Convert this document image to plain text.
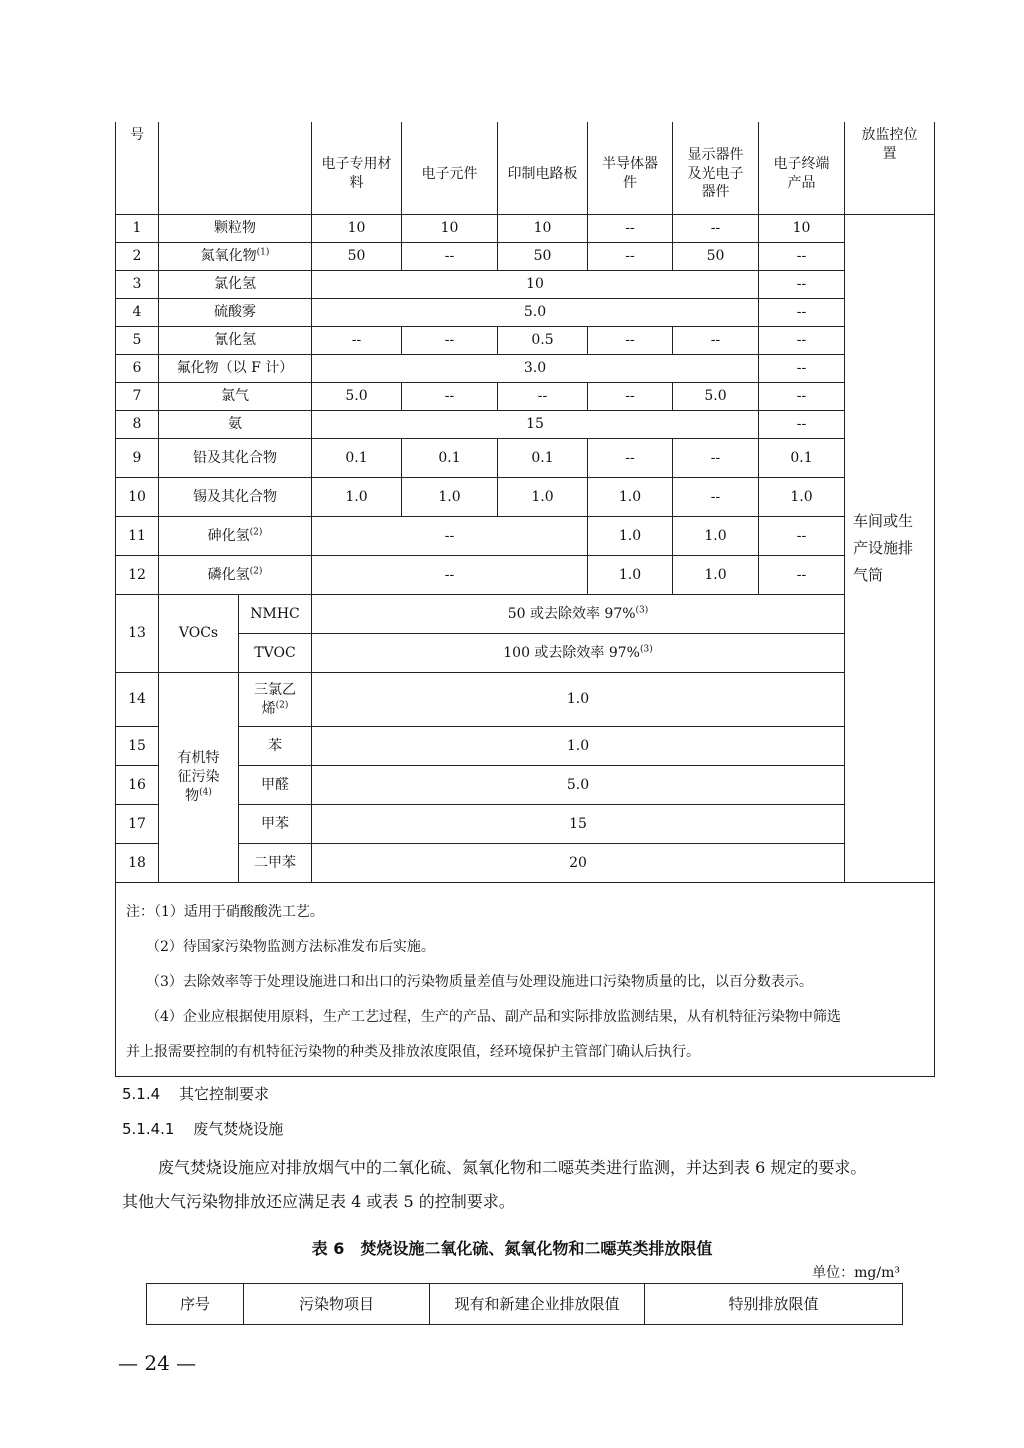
号			电子专用材料	电子元件	印制电路板	半导体器件	显示器件及光电子器件	电子终端产品	放监控位置
1	颗粒物		10	10	10	--	--	10	车间或生产设施排气筒
2	氮氧化物$^{(1)}$		50	--	50	--	50	--	
3	氯化氢		10					--	
4	硫酸雾		5.0					--	
5	氰化氢		--	--	0.5	--	--	--	
6	氟化物（以 F 计）		3.0					--	
7	氯气		5.0	--	--	--	5.0	--	
8	氨		15					--	
9	铅及其化合物		0.1	0.1	0.1	--	--	0.1	
10	锡及其化合物		1.0	1.0	1.0	1.0	--	1.0	
11	砷化氢$^{(2)}$		--			1.0	1.0	--	
12	磷化氢$^{(2)}$		--			1.0	1.0	--	
13	VOCs	NMHC	50 或去除效率 97%$^{(3)}$
		TVOC	100 或去除效率 97%$^{(3)}$
14	有机特征污染物$^{(4)}$	三氯乙烯$^{(2)}$	1.0						
15		苯	1.0						
16		甲醛	5.0						
17		甲苯	15						
18		二甲苯	20						

注：（1）适用于硝酸酸洗工艺。
（2）待国家污染物监测方法标准发布后实施。
（3）去除效率等于处理设施进口和出口的污染物质量差值与处理设施进口污染物质量的比，以百分数表示。
（4）企业应根据使用原料，生产工艺过程，生产的产品、副产品和实际排放监测结果，从有机特征污染物中筛选
并上报需要控制的有机特征污染物的种类及排放浓度限值，经环境保护主管部门确认后执行。									
5.1.4 其它控制要求
5.1.4.1 废气焚烧设施
废气焚烧设施应对排放烟气中的二氧化硫、氮氧化物和二噁英类进行监测，并达到表 6 规定的要求。
其他大气污染物排放还应满足表 4 或表 5 的控制要求。
表 6　焚烧设施二氧化硫、氮氧化物和二噁英类排放限值
单位：mg/m³
序号	污染物项目	现有和新建企业排放限值	特别排放限值
— 24 —
